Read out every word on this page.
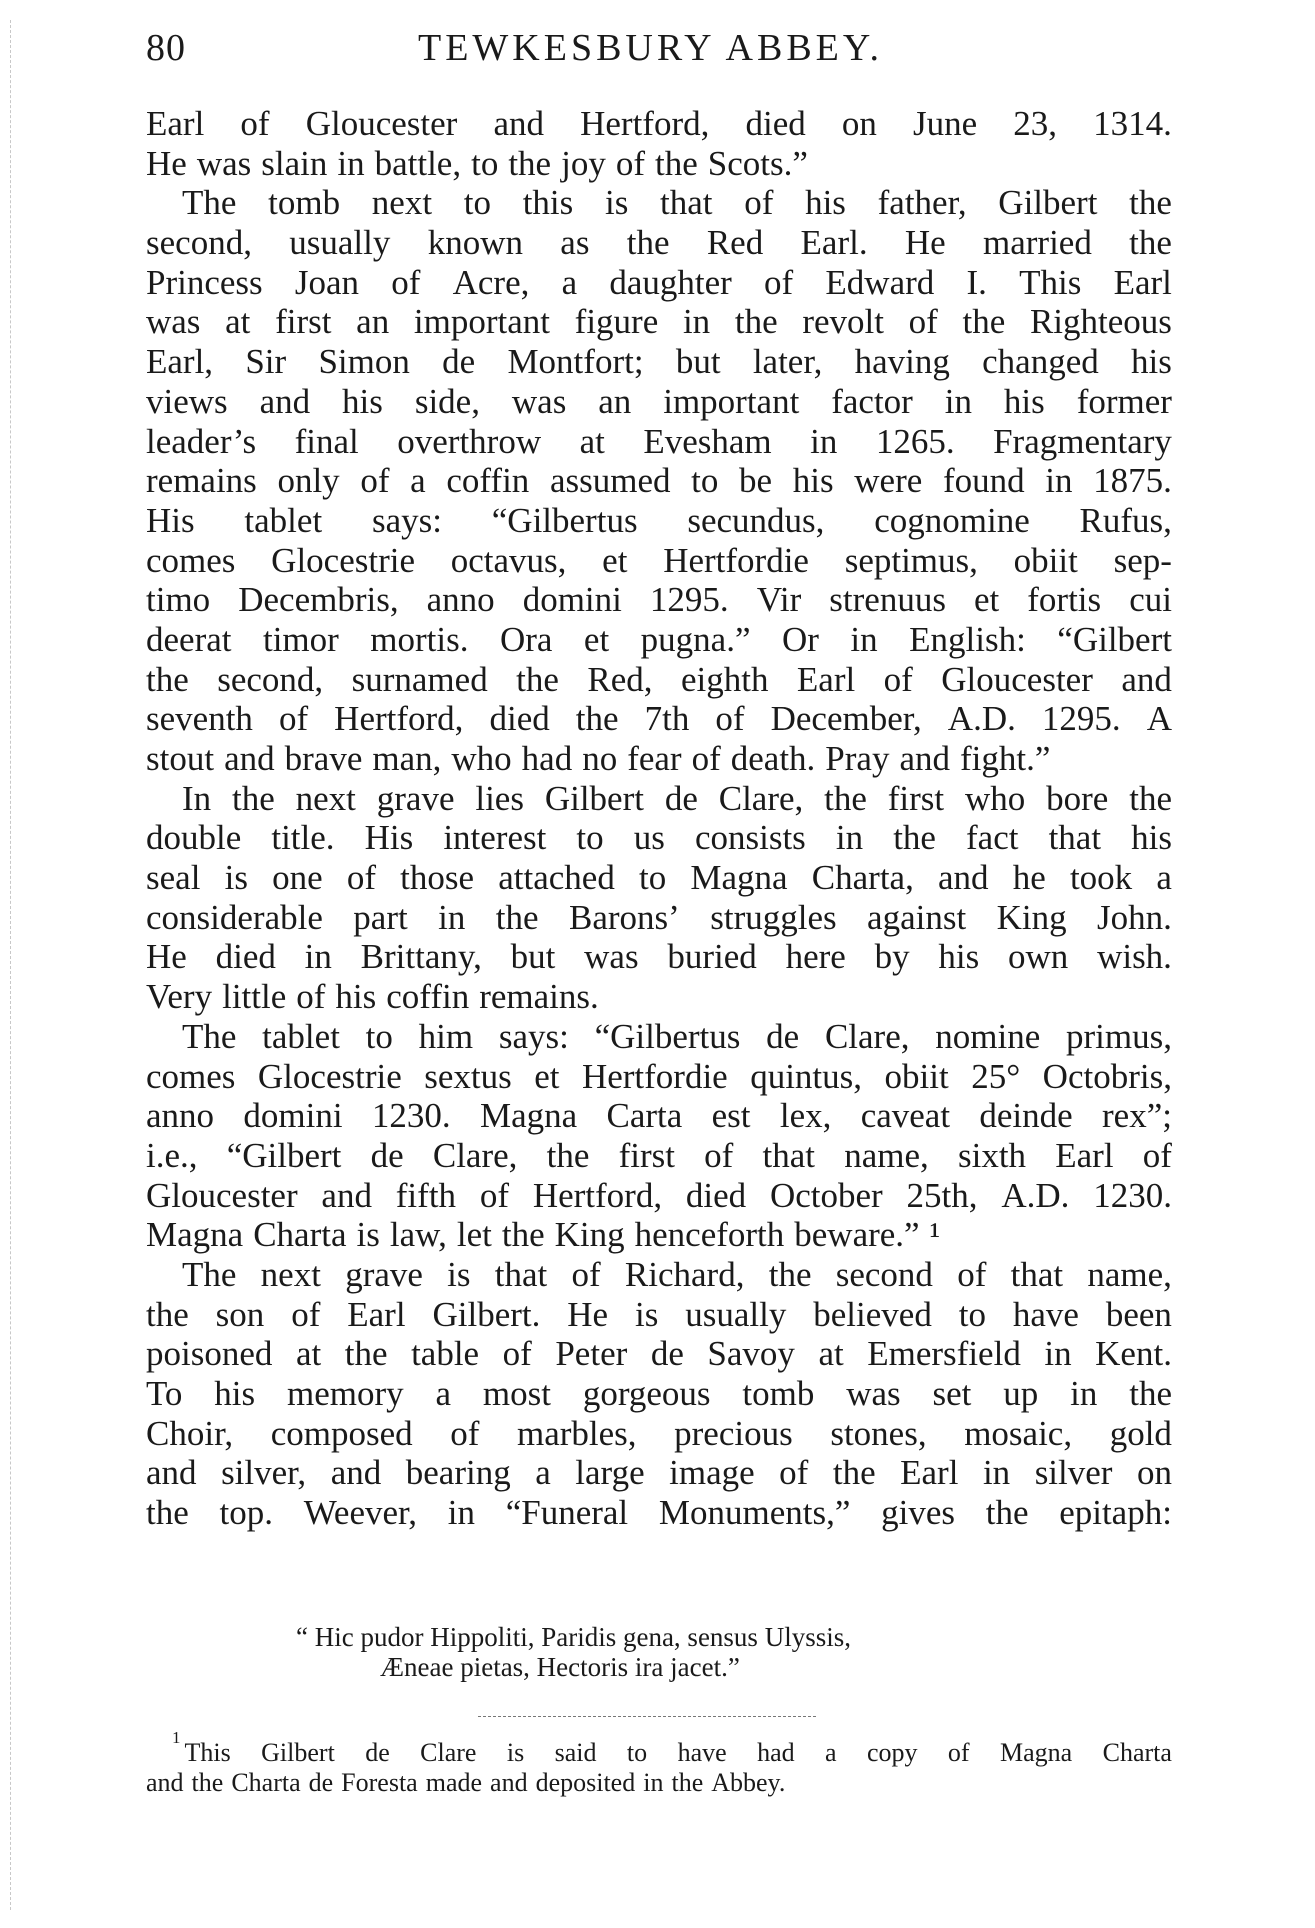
80	TEWKESBURY ABBEY.
Earl of Gloucester and Hertford, died on June 23, 1314.
He was slain in battle, to the joy of the Scots.”
The tomb next to this is that of his father, Gilbert the
second, usually known as the Red Earl. He married the
Princess Joan of Acre, a daughter of Edward I. This Earl
was at first an important figure in the revolt of the Righteous
Earl, Sir Simon de Montfort; but later, having changed his
views and his side, was an important factor in his former
leader’s final overthrow at Evesham in 1265. Fragmentary
remains only of a coffin assumed to be his were found in 1875.
His tablet says: “Gilbertus secundus, cognomine Rufus,
comes Glocestrie octavus, et Hertfordie septimus, obiit sep-
timo Decembris, anno domini 1295. Vir strenuus et fortis cui
deerat timor mortis. Ora et pugna.” Or in English: “Gilbert
the second, surnamed the Red, eighth Earl of Gloucester and
seventh of Hertford, died the 7th of December, A.D. 1295. A
stout and brave man, who had no fear of death. Pray and fight.”
In the next grave lies Gilbert de Clare, the first who bore the
double title. His interest to us consists in the fact that his
seal is one of those attached to Magna Charta, and he took a
considerable part in the Barons’ struggles against King John.
He died in Brittany, but was buried here by his own wish.
Very little of his coffin remains.
The tablet to him says: “Gilbertus de Clare, nomine primus,
comes Glocestrie sextus et Hertfordie quintus, obiit 25° Octobris,
anno domini 1230. Magna Carta est lex, caveat deinde rex”;
i.e., “Gilbert de Clare, the first of that name, sixth Earl of
Gloucester and fifth of Hertford, died October 25th, A.D. 1230.
Magna Charta is law, let the King henceforth beware.” ¹
The next grave is that of Richard, the second of that name,
the son of Earl Gilbert. He is usually believed to have been
poisoned at the table of Peter de Savoy at Emersfield in Kent.
To his memory a most gorgeous tomb was set up in the
Choir, composed of marbles, precious stones, mosaic, gold
and silver, and bearing a large image of the Earl in silver on
the top. Weever, in “Funeral Monuments,” gives the epitaph:
“ Hic pudor Hippoliti, Paridis gena, sensus Ulyssis,
Æneae pietas, Hectoris ira jacet.”
1
This Gilbert de Clare is said to have had a copy of Magna Charta
and the Charta de Foresta made and deposited in the Abbey.
